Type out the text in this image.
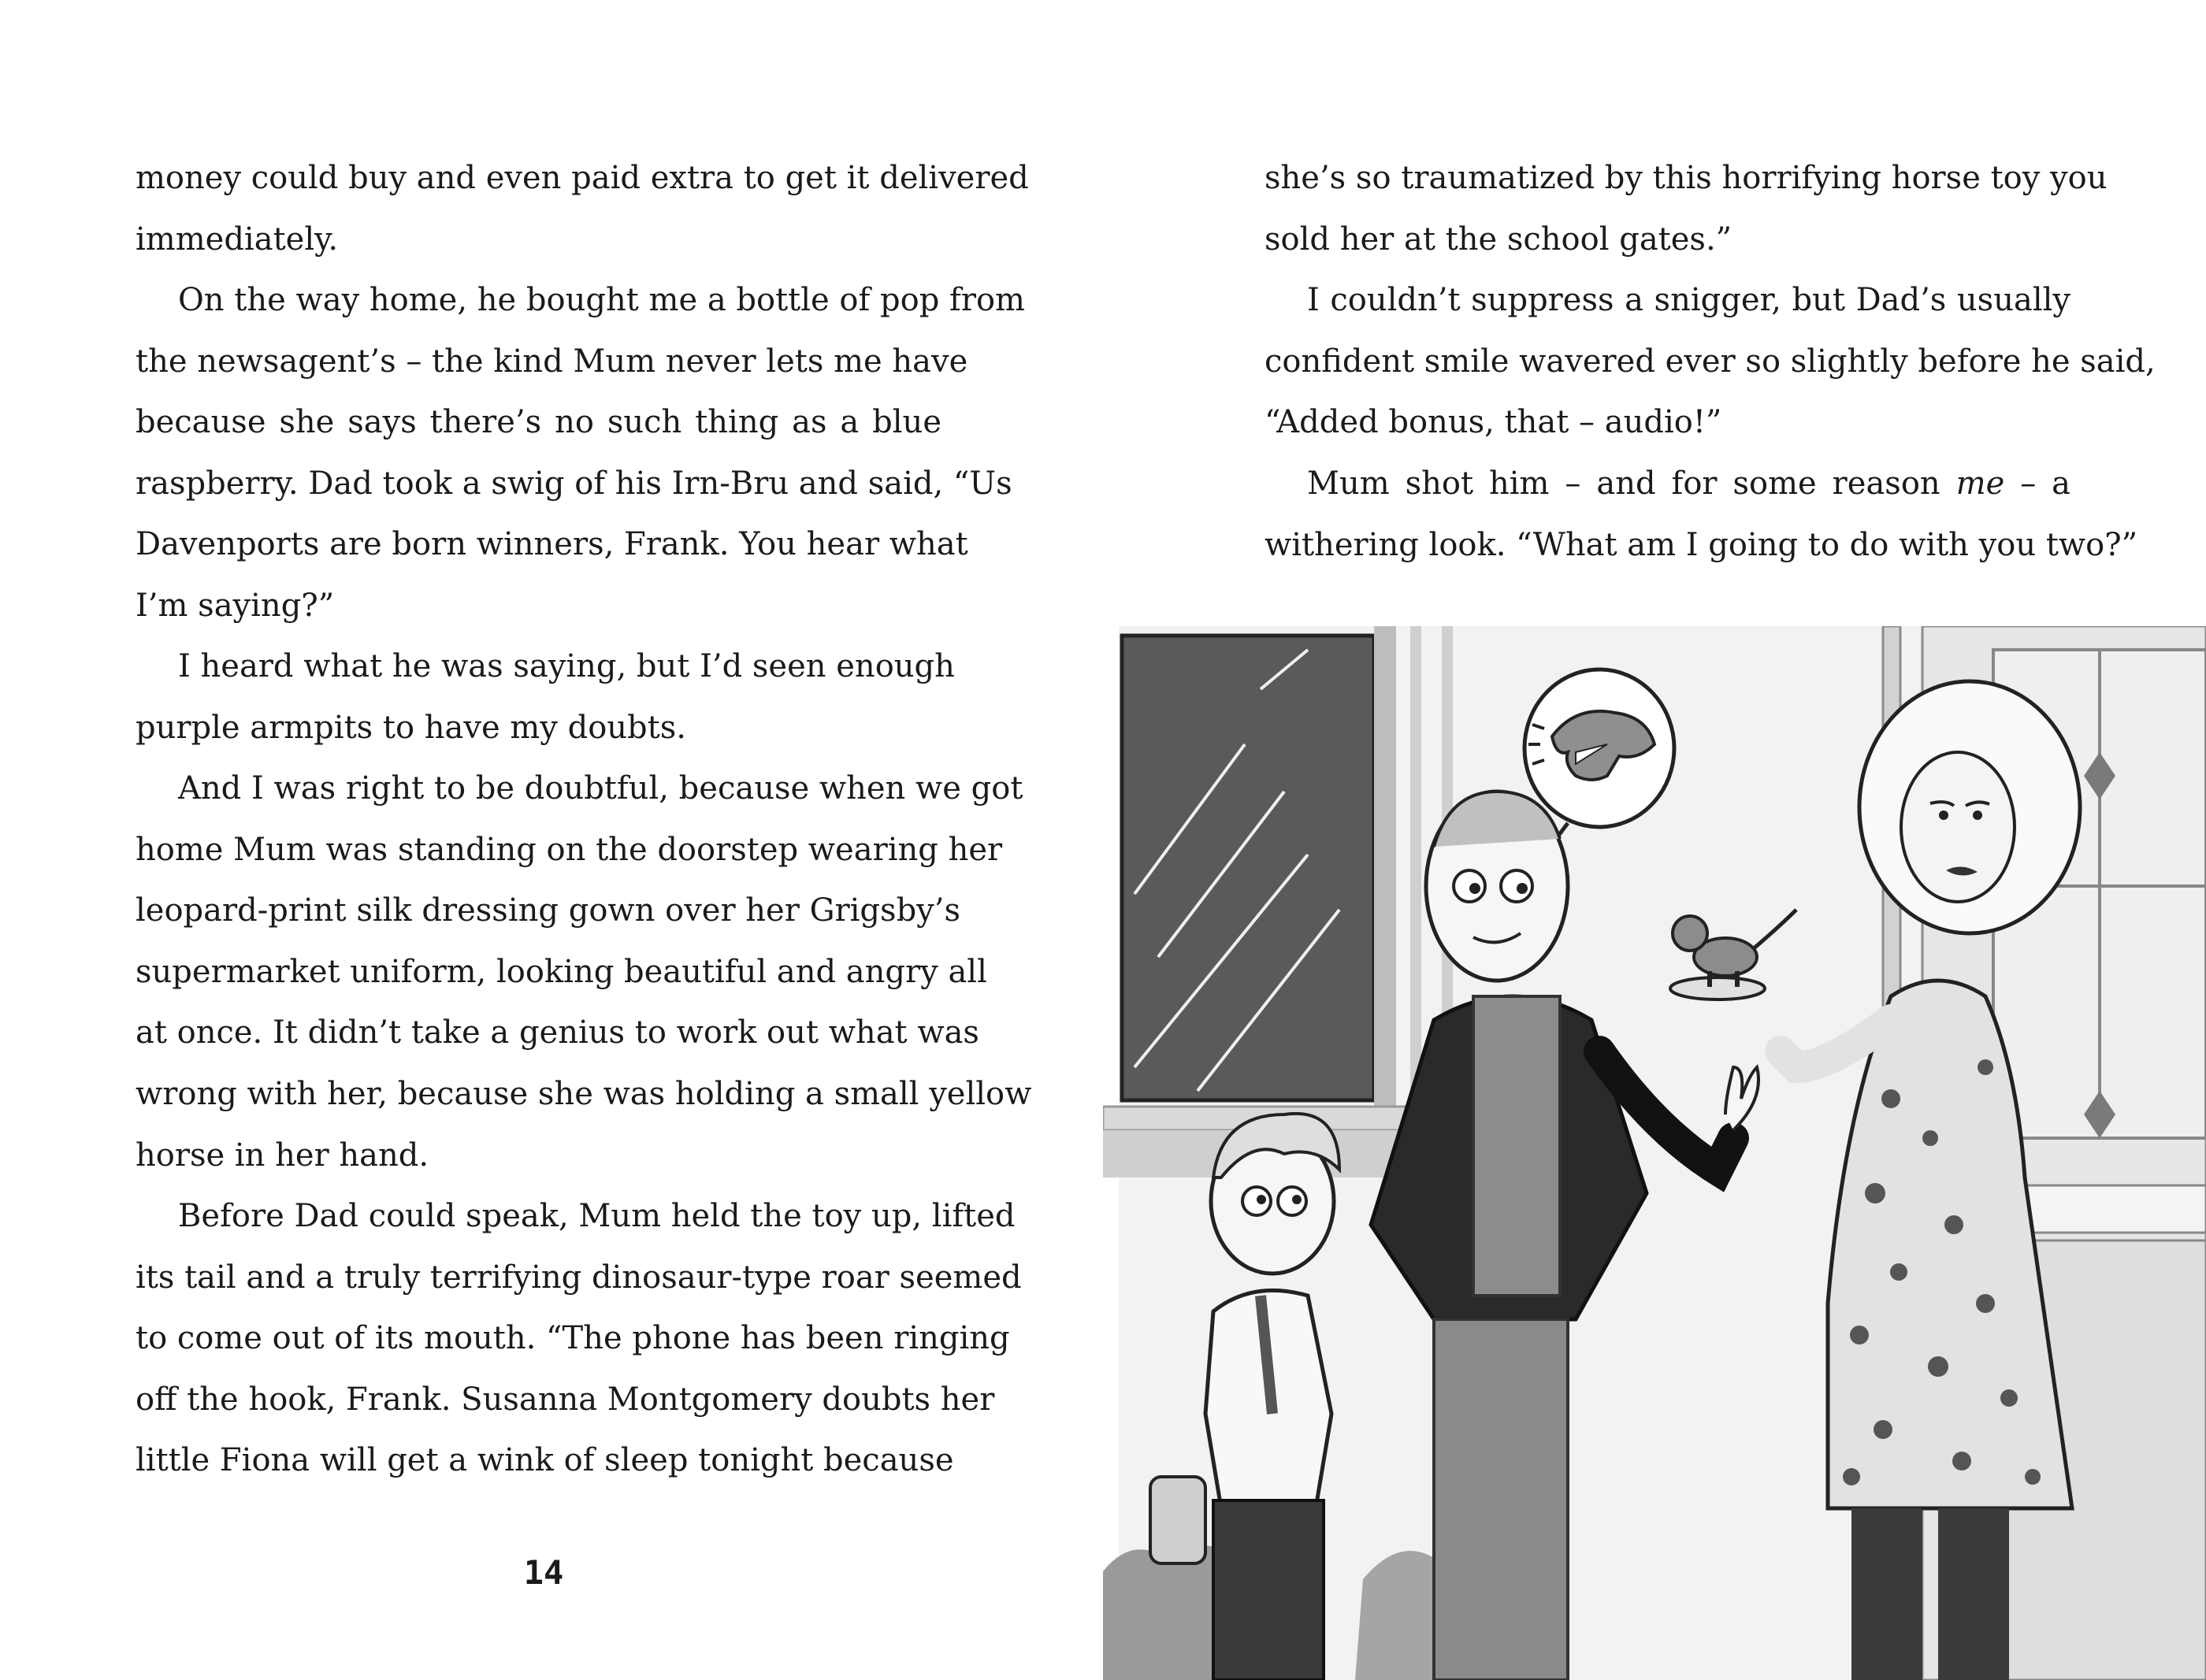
money could buy and even paid extra to get it delivered
immediately.
On the way home, he bought me a bottle of pop from
the newsagent’s – the kind Mum never lets me have
because she says there’s no such thing as a blue
raspberry. Dad took a swig of his Irn-Bru and said, “Us
Davenports are born winners, Frank. You hear what
I’m saying?”
I heard what he was saying, but I’d seen enough
purple armpits to have my doubts.
And I was right to be doubtful, because when we got
home Mum was standing on the doorstep wearing her
leopard-print silk dressing gown over her Grigsby’s
supermarket uniform, looking beautiful and angry all
at once. It didn’t take a genius to work out what was
wrong with her, because she was holding a small yellow
horse in her hand.
Before Dad could speak, Mum held the toy up, lifted
its tail and a truly terrifying dinosaur-type roar seemed
to come out of its mouth. “The phone has been ringing
off the hook, Frank. Susanna Montgomery doubts her
little Fiona will get a wink of sleep tonight because
14
she’s so traumatized by this horrifying horse toy you
sold her at the school gates.”
I couldn’t suppress a snigger, but Dad’s usually
confident smile wavered ever so slightly before he said,
“Added bonus, that – audio!”
Mum shot him – and for some reason me – a
withering look. “What am I going to do with you two?”
